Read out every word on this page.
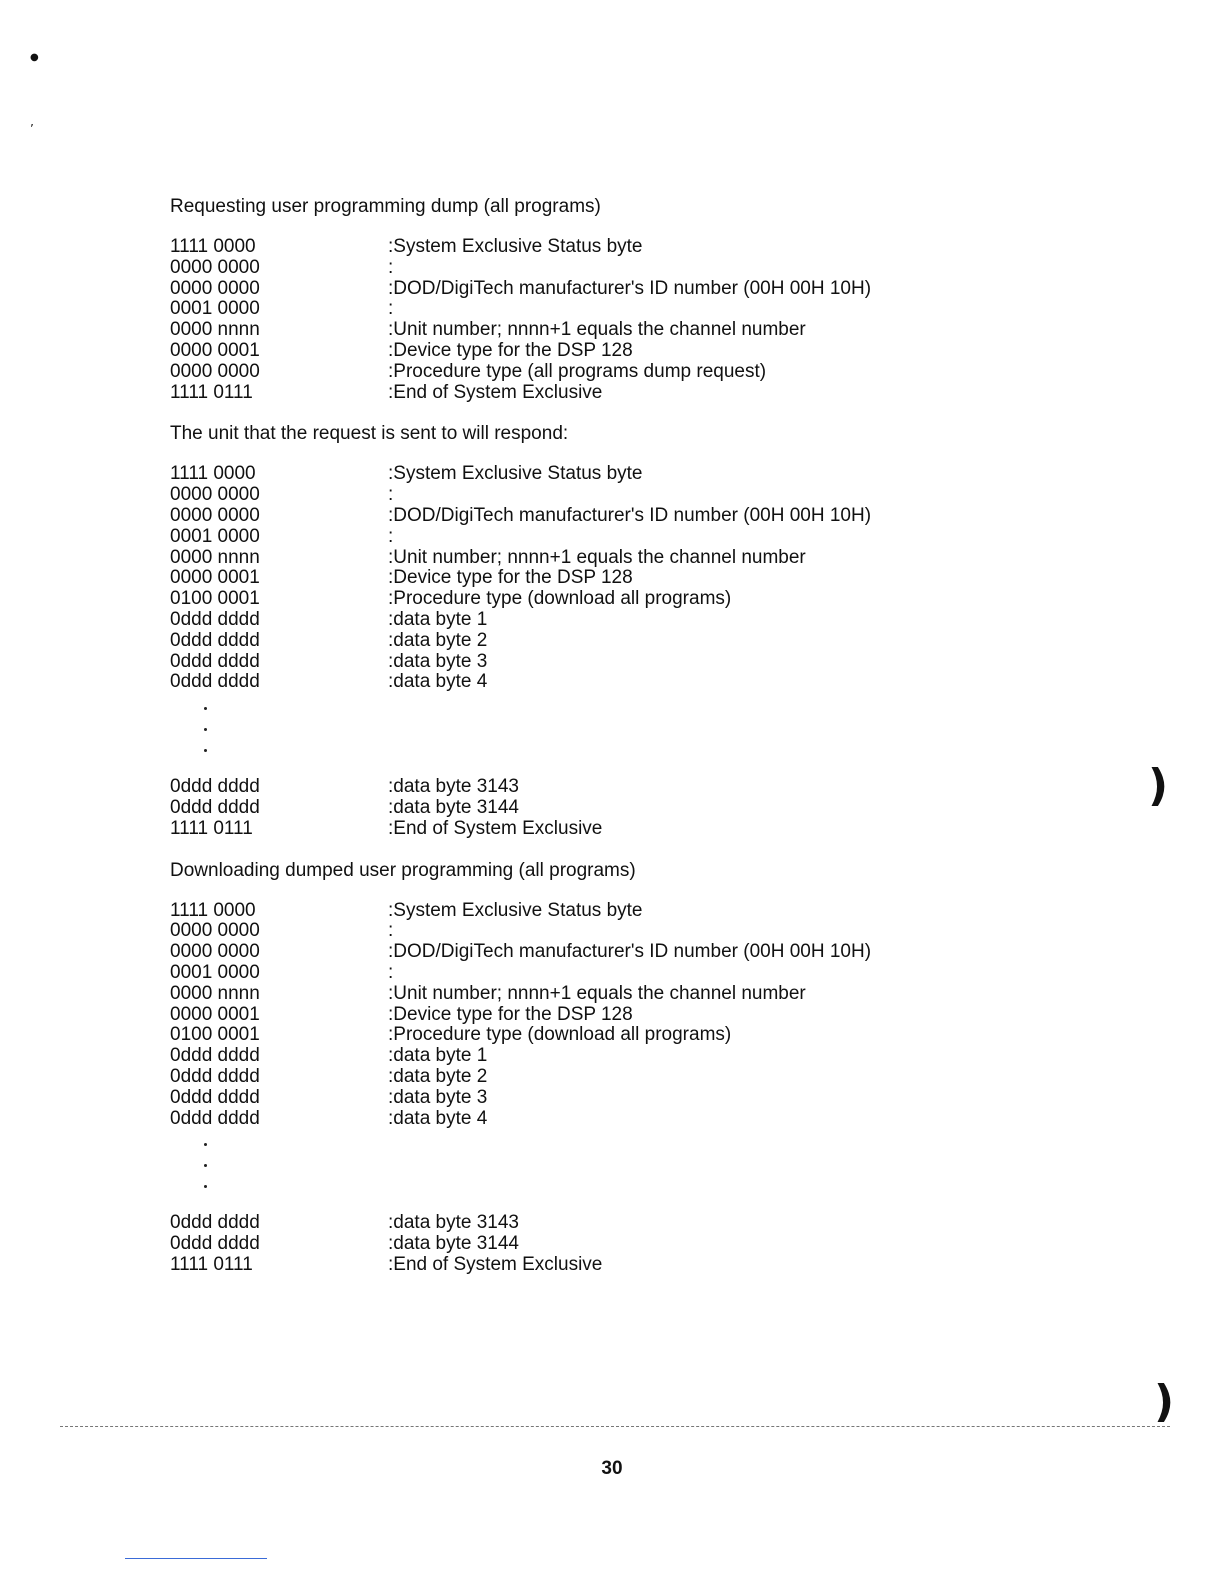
Requesting user programming dump (all programs)

1111 0000	:System Exclusive Status byte
0000 0000	:
0000 0000	:DOD/DigiTech manufacturer's ID number (00H 00H 10H)
0001 0000	:
0000 nnnn	:Unit number; nnnn+1 equals the channel number
0000 0001	:Device type for the DSP 128
0000 0000	:Procedure type (all programs dump request)
1111 0111	:End of System Exclusive

The unit that the request is sent to will respond:

1111 0000	:System Exclusive Status byte
0000 0000	:
0000 0000	:DOD/DigiTech manufacturer's ID number (00H 00H 10H)
0001 0000	:
0000 nnnn	:Unit number; nnnn+1 equals the channel number
0000 0001	:Device type for the DSP 128
0100 0001	:Procedure type (download all programs)
0ddd dddd	:data byte 1
0ddd dddd	:data byte 2
0ddd dddd	:data byte 3
0ddd dddd	:data byte 4
0ddd dddd	:data byte 3143
0ddd dddd	:data byte 3144
1111 0111	:End of System Exclusive

Downloading dumped user programming (all programs)

1111 0000	:System Exclusive Status byte
0000 0000	:
0000 0000	:DOD/DigiTech manufacturer's ID number (00H 00H 10H)
0001 0000	:
0000 nnnn	:Unit number; nnnn+1 equals the channel number
0000 0001	:Device type for the DSP 128
0100 0001	:Procedure type (download all programs)
0ddd dddd	:data byte 1
0ddd dddd	:data byte 2
0ddd dddd	:data byte 3
0ddd dddd	:data byte 4
0ddd dddd	:data byte 3143
0ddd dddd	:data byte 3144
1111 0111	:End of System Exclusive
●
’
)
)
30
